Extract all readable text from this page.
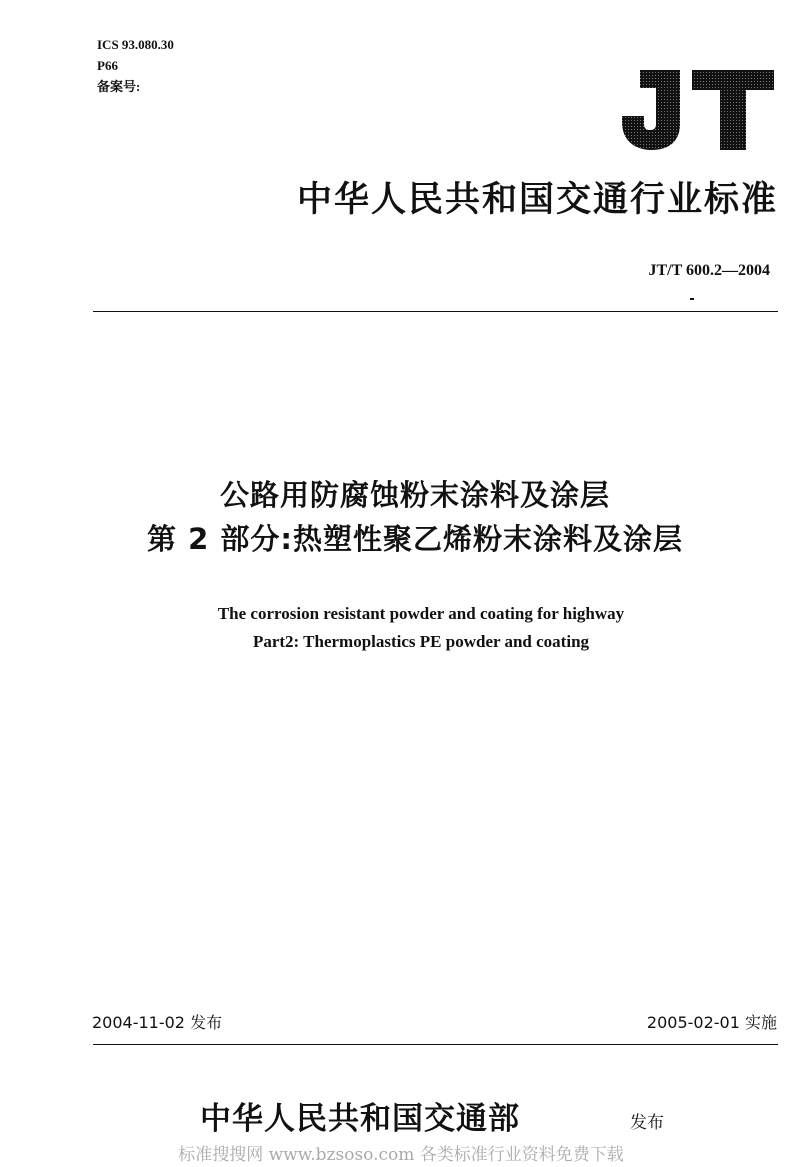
ICS 93.080.30
P66
备案号:
中华人民共和国交通行业标准
JT/T 600.2—2004
公路用防腐蚀粉末涂料及涂层
第 2 部分:热塑性聚乙烯粉末涂料及涂层
The corrosion resistant powder and coating for highway
Part2: Thermoplastics PE powder and coating
2004-11-02 发布	2005-02-01 实施
中华人民共和国交通部	发布
标准搜搜网 www.bzsoso.com 各类标准行业资料免费下载
